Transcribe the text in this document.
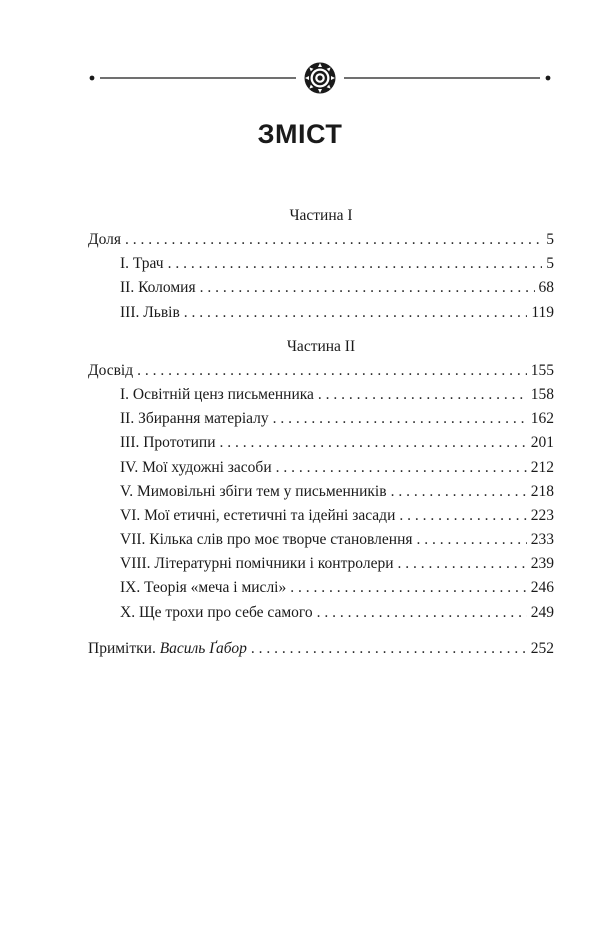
ЗМІСТ
Частина І
Доля . . .	5
І. Трач . . .	5
ІІ. Коломия . . .	68
ІІІ. Львів . . .	119
Частина ІІ
Досвід . . .	155
I. Освітній ценз письменника . . .	158
II. Збирання матеріалу . . .	162
III. Прототипи . . .	201
IV. Мої художні засоби . . .	212
V. Мимовільні збіги тем у письменників . . .	218
VI. Мої етичні, естетичні та ідейні засади . . .	223
VII. Кілька слів про моє творче становлення . . .	233
VIII. Літературні помічники і контролери . . .	239
IX. Теорія «меча і мислі» . . .	246
X. Ще трохи про себе самого . . .	249
Примітки. Василь Ґабор . . .	252
